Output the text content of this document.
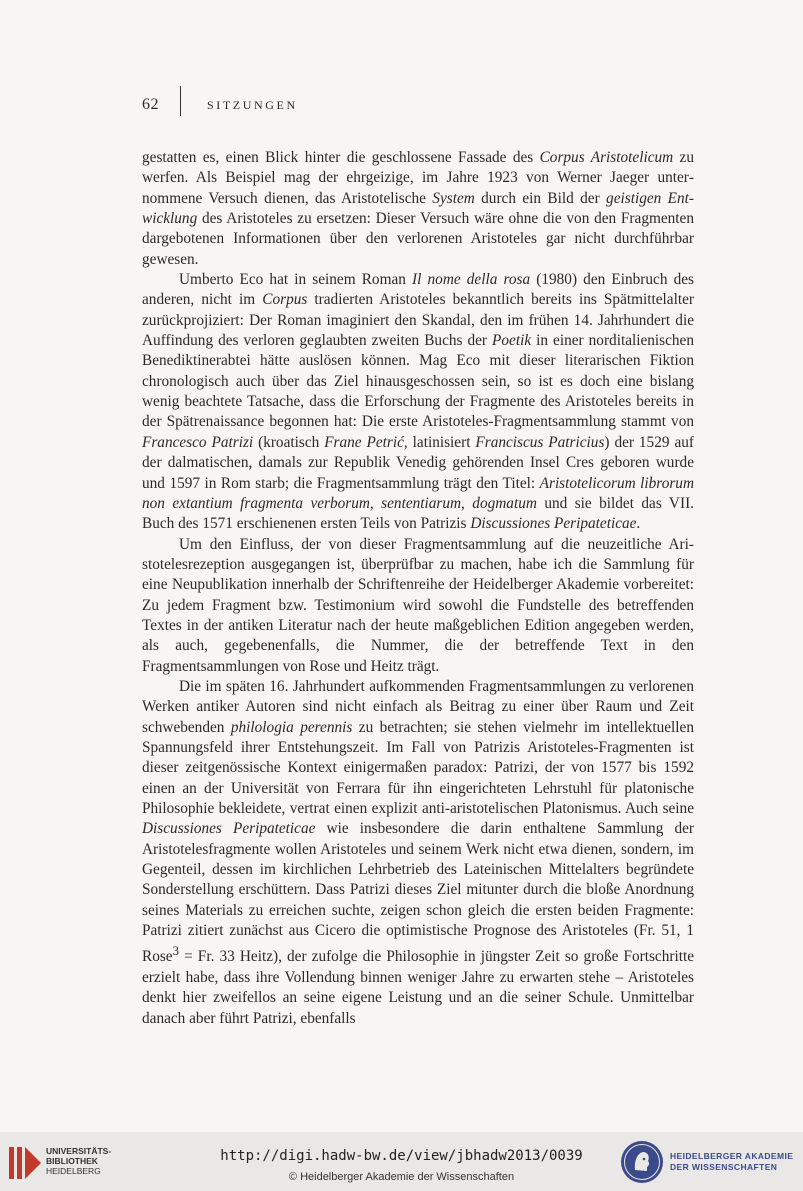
62	SITZUNGEN

gestatten es, einen Blick hinter die geschlossene Fassade des Corpus Aristotelicum zu werfen. Als Beispiel mag der ehrgeizige, im Jahre 1923 von Werner Jaeger unternommene Versuch dienen, das Aristotelische System durch ein Bild der geistigen Entwicklung des Aristoteles zu ersetzen: Dieser Versuch wäre ohne die von den Fragmenten dargebotenen Informationen über den verlorenen Aristoteles gar nicht durchführbar gewesen.

Umberto Eco hat in seinem Roman Il nome della rosa (1980) den Einbruch des anderen, nicht im Corpus tradierten Aristoteles bekanntlich bereits ins Spätmittelalter zurückprojiziert: Der Roman imaginiert den Skandal, den im frühen 14. Jahrhundert die Auffindung des verloren geglaubten zweiten Buchs der Poetik in einer norditalienischen Benediktinerabtei hätte auslösen können. Mag Eco mit dieser literarischen Fiktion chronologisch auch über das Ziel hinausgeschossen sein, so ist es doch eine bislang wenig beachtete Tatsache, dass die Erforschung der Fragmente des Aristoteles bereits in der Spätrenaissance begonnen hat: Die erste Aristoteles-Fragmentsammlung stammt von Francesco Patrizi (kroatisch Frane Petrić, latinisiert Franciscus Patricius) der 1529 auf der dalmatischen, damals zur Republik Venedig gehörenden Insel Cres geboren wurde und 1597 in Rom starb; die Fragmentsammlung trägt den Titel: Aristotelicorum librorum non extantium fragmenta verborum, sententiarum, dogmatum und sie bildet das VII. Buch des 1571 erschienenen ersten Teils von Patrizis Discussiones Peripateticae.

Um den Einfluss, der von dieser Fragmentsammlung auf die neuzeitliche Aristotelesrezeption ausgegangen ist, überprüfbar zu machen, habe ich die Sammlung für eine Neupublikation innerhalb der Schriftenreihe der Heidelberger Akademie vorbereitet: Zu jedem Fragment bzw. Testimonium wird sowohl die Fundstelle des betreffenden Textes in der antiken Literatur nach der heute maßgeblichen Edition angegeben werden, als auch, gegebenenfalls, die Nummer, die der betreffende Text in den Fragmentsammlungen von Rose und Heitz trägt.

Die im späten 16. Jahrhundert aufkommenden Fragmentsammlungen zu verlorenen Werken antiker Autoren sind nicht einfach als Beitrag zu einer über Raum und Zeit schwebenden philologia perennis zu betrachten; sie stehen vielmehr im intellektuellen Spannungsfeld ihrer Entstehungszeit. Im Fall von Patrizis Aristoteles-Fragmenten ist dieser zeitgenössische Kontext einigermaßen paradox: Patrizi, der von 1577 bis 1592 einen an der Universität von Ferrara für ihn eingerichteten Lehrstuhl für platonische Philosophie bekleidete, vertrat einen explizit anti-aristotelischen Platonismus. Auch seine Discussiones Peripateticae wie insbesondere die darin enthaltene Sammlung der Aristotelesfragmente wollen Aristoteles und seinem Werk nicht etwa dienen, sondern, im Gegenteil, dessen im kirchlichen Lehrbetrieb des Lateinischen Mittelalters begründete Sonderstellung erschüttern. Dass Patrizi dieses Ziel mitunter durch die bloße Anordnung seines Materials zu erreichen suchte, zeigen schon gleich die ersten beiden Fragmente: Patrizi zitiert zunächst aus Cicero die optimistische Prognose des Aristoteles (Fr. 51, 1 Rose$^3$ = Fr. 33 Heitz), der zufolge die Philosophie in jüngster Zeit so große Fortschritte erzielt habe, dass ihre Vollendung binnen weniger Jahre zu erwarten stehe – Aristoteles denkt hier zweifellos an seine eigene Leistung und an die seiner Schule. Unmittelbar danach aber führt Patrizi, ebenfalls

UNIVERSITÄTS-
BIBLIOTHEK
HEIDELBERG
http://digi.hadw-bw.de/view/jbhadw2013/0039
© Heidelberger Akademie der Wissenschaften
HEIDELBERGER AKADEMIE
DER WISSENSCHAFTEN
